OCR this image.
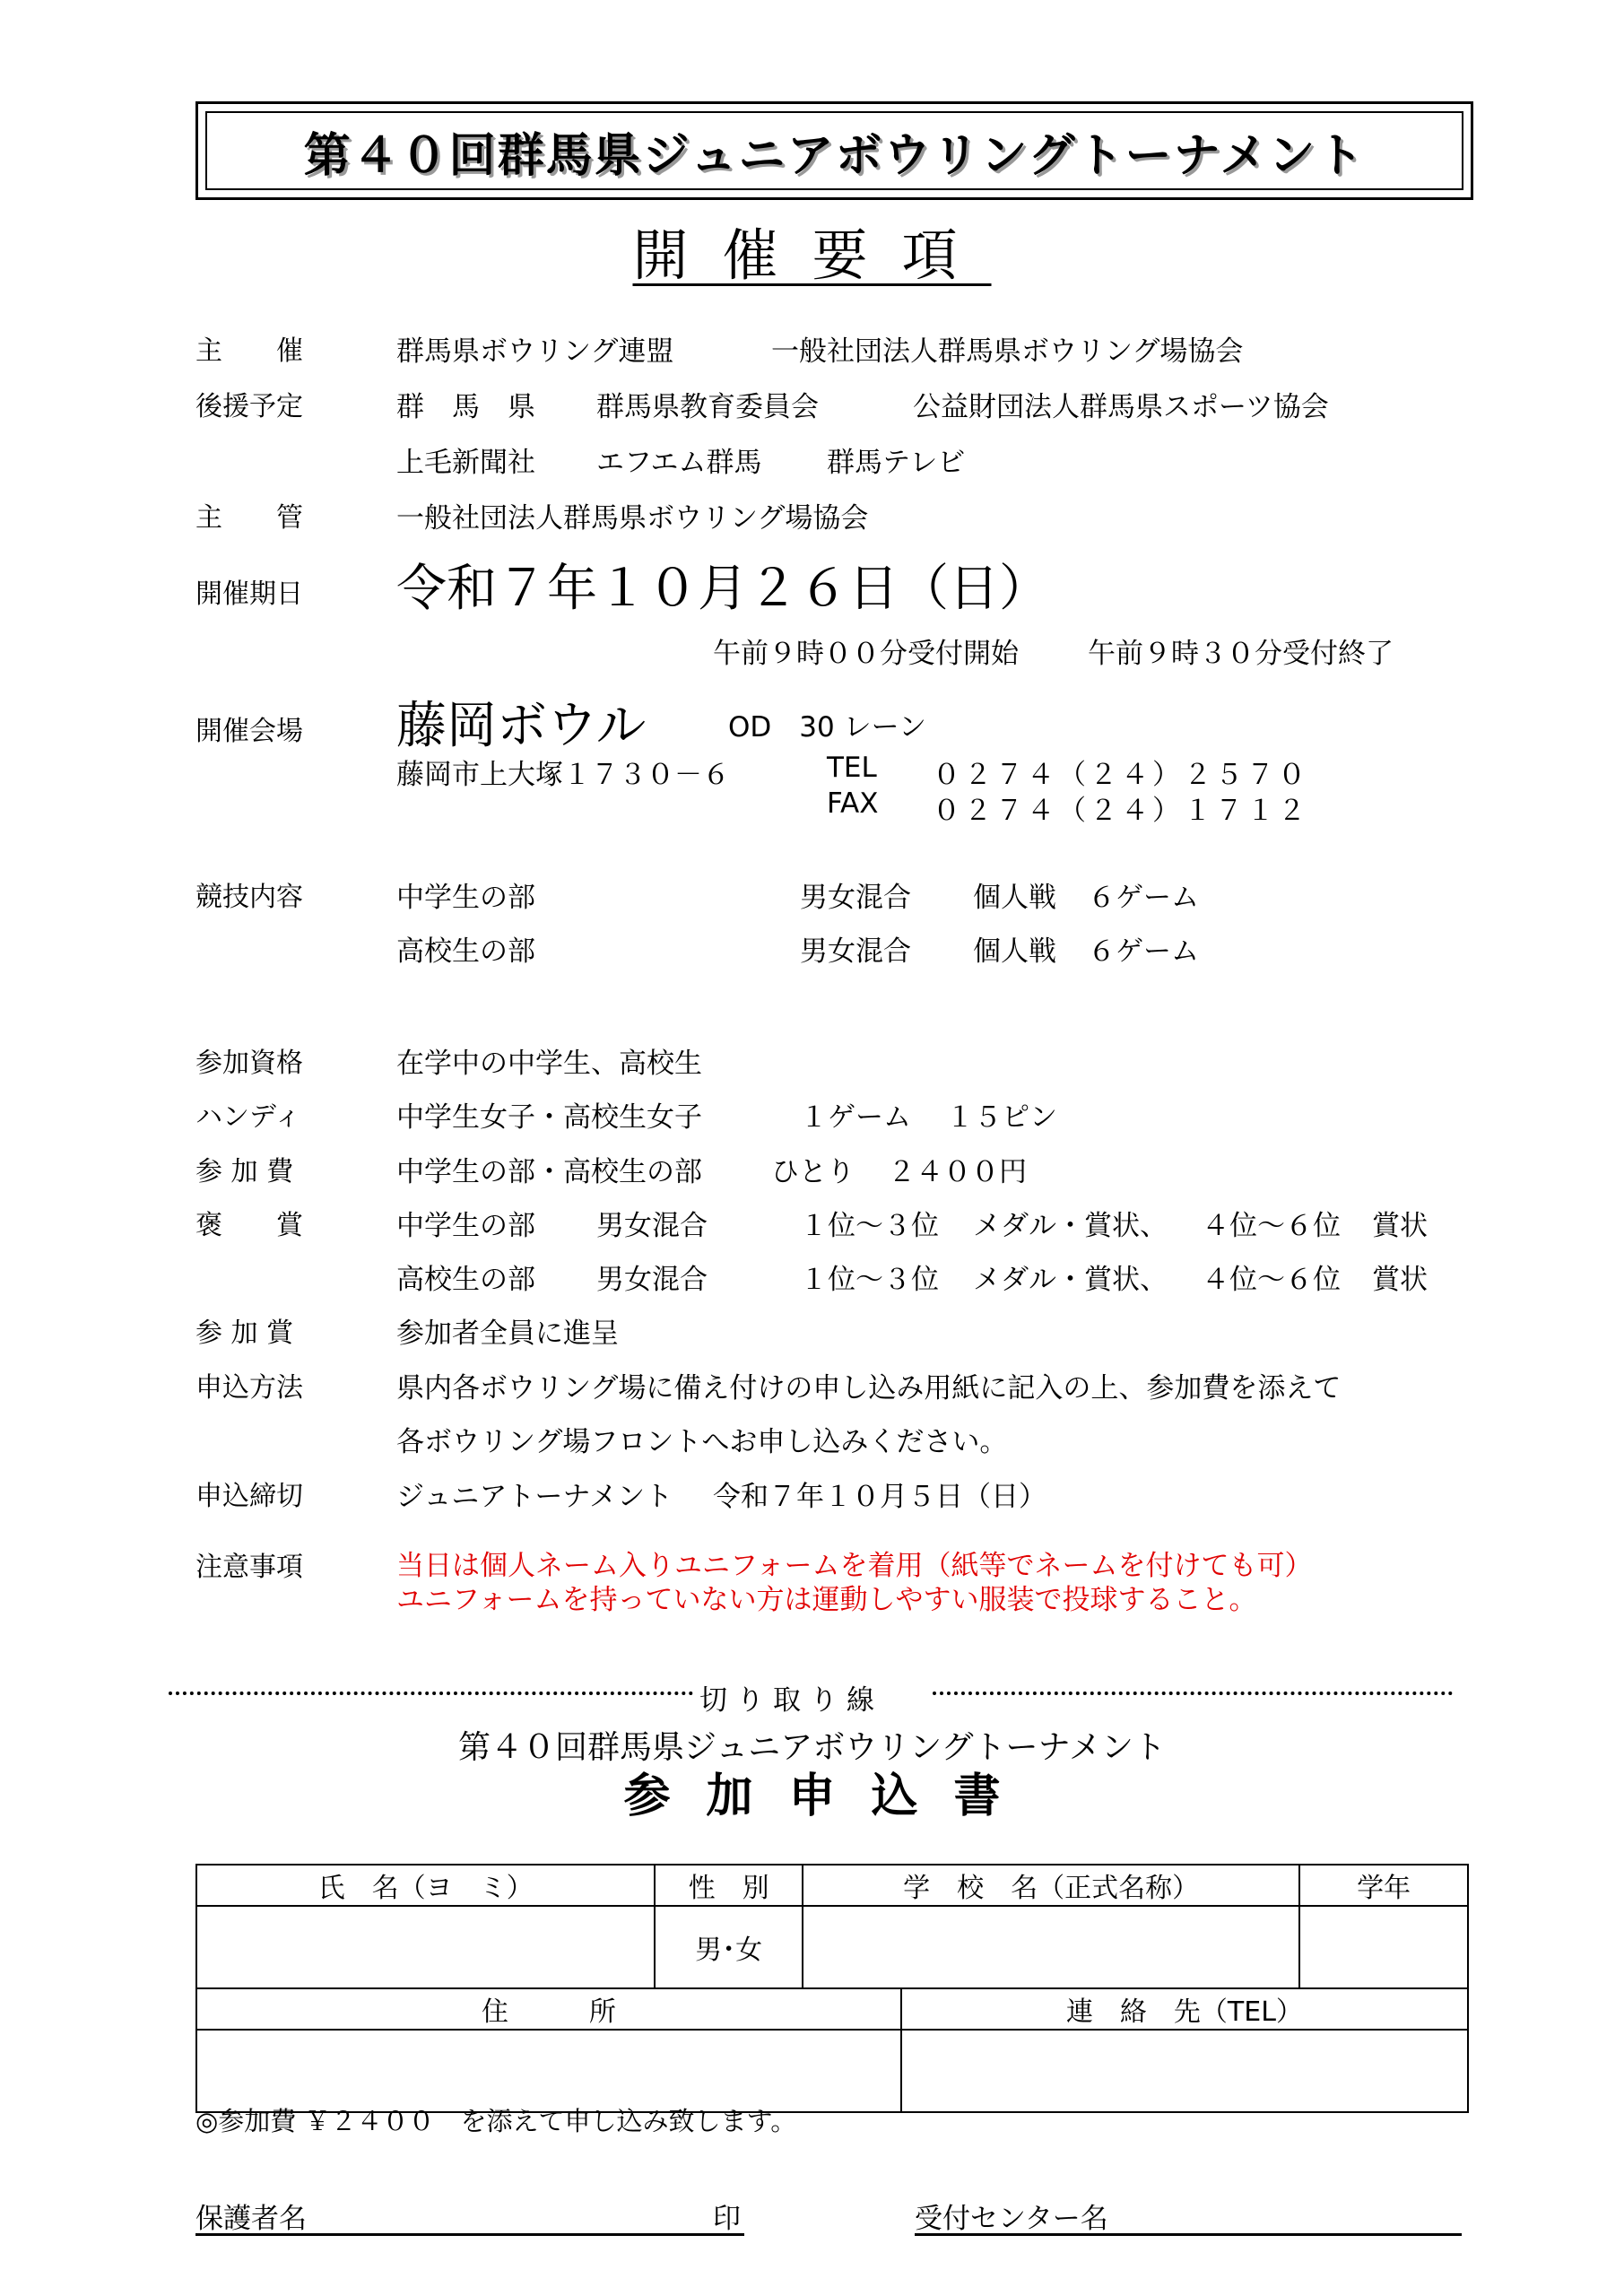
第４０回群馬県ジュニアボウリングトーナメント
開催要項
主　　催	群馬県ボウリング連盟	一般社団法人群馬県ボウリング場協会
後援予定	群　馬　県 群馬県教育委員会	公益財団法人群馬県スポーツ協会
上毛新聞社 エフエム群馬 群馬テレビ
主　　管	一般社団法人群馬県ボウリング場協会
開催期日 令和７年１０月２６日（日）
午前９時００分受付開始 午前９時３０分受付終了
開催会場 藤岡ボウル	OD　30 レーン
藤岡市上大塚１７３０－６	TEL ０２７４（２４）２５７０
FAX ０２７４（２４）１７１２
競技内容	中学生の部	男女混合 個人戦 ６ゲーム
高校生の部	男女混合 個人戦 ６ゲーム
参加資格	在学中の中学生、高校生
ハンディ	中学生女子・高校生女子	１ゲーム １５ピン
参 加 費	中学生の部・高校生の部 ひとり ２４００円
褒　　賞	中学生の部 男女混合	１位～３位 メダル・賞状、 ４位～６位 賞状
高校生の部 男女混合	１位～３位 メダル・賞状、 ４位～６位 賞状
参 加 賞	参加者全員に進呈
申込方法	県内各ボウリング場に備え付けの申し込み用紙に記入の上、参加費を添えて
各ボウリング場フロントへお申し込みください。
申込締切	ジュニアトーナメント 令和７年１０月５日（日）
注意事項	当日は個人ネーム入りユニフォームを着用（紙等でネームを付けても可）
ユニフォームを持っていない方は運動しやすい服装で投球すること。
切り取り線
第４０回群馬県ジュニアボウリングトーナメント
参加申込書
氏　名（ヨ　ミ）	性　別	学　校　名（正式名称）		学年
	男･女			
住　　　所			連　絡　先（TEL）	

◎参加費 ￥２４００　を添えて申し込み致します。
保護者名	印	受付センター名
